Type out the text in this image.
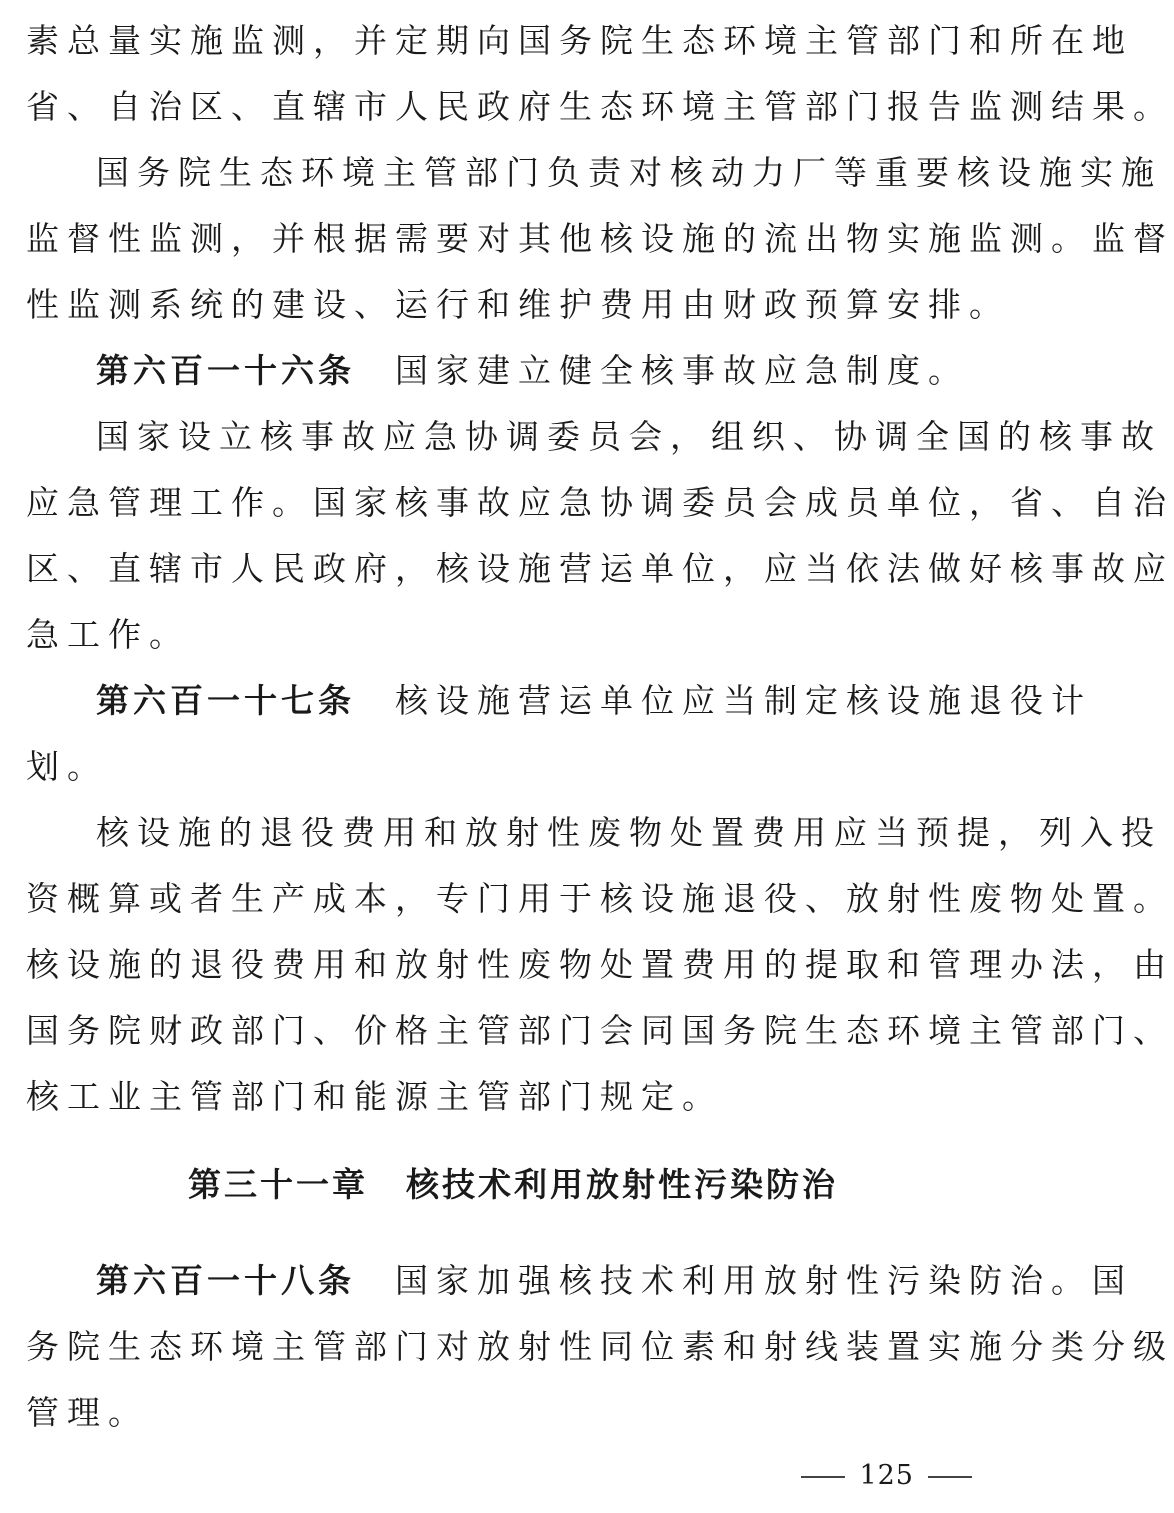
素总量实施监测，并定期向国务院生态环境主管部门和所在地
省、自治区、直辖市人民政府生态环境主管部门报告监测结果。
国务院生态环境主管部门负责对核动力厂等重要核设施实施
监督性监测，并根据需要对其他核设施的流出物实施监测。监督
性监测系统的建设、运行和维护费用由财政预算安排。
第六百一十六条 国家建立健全核事故应急制度。
国家设立核事故应急协调委员会，组织、协调全国的核事故
应急管理工作。国家核事故应急协调委员会成员单位，省、自治
区、直辖市人民政府，核设施营运单位，应当依法做好核事故应
急工作。
第六百一十七条 核设施营运单位应当制定核设施退役计
划。
核设施的退役费用和放射性废物处置费用应当预提，列入投
资概算或者生产成本，专门用于核设施退役、放射性废物处置。
核设施的退役费用和放射性废物处置费用的提取和管理办法，由
国务院财政部门、价格主管部门会同国务院生态环境主管部门、
核工业主管部门和能源主管部门规定。
第三十一章 核技术利用放射性污染防治
第六百一十八条 国家加强核技术利用放射性污染防治。国
务院生态环境主管部门对放射性同位素和射线装置实施分类分级
管理。
125
